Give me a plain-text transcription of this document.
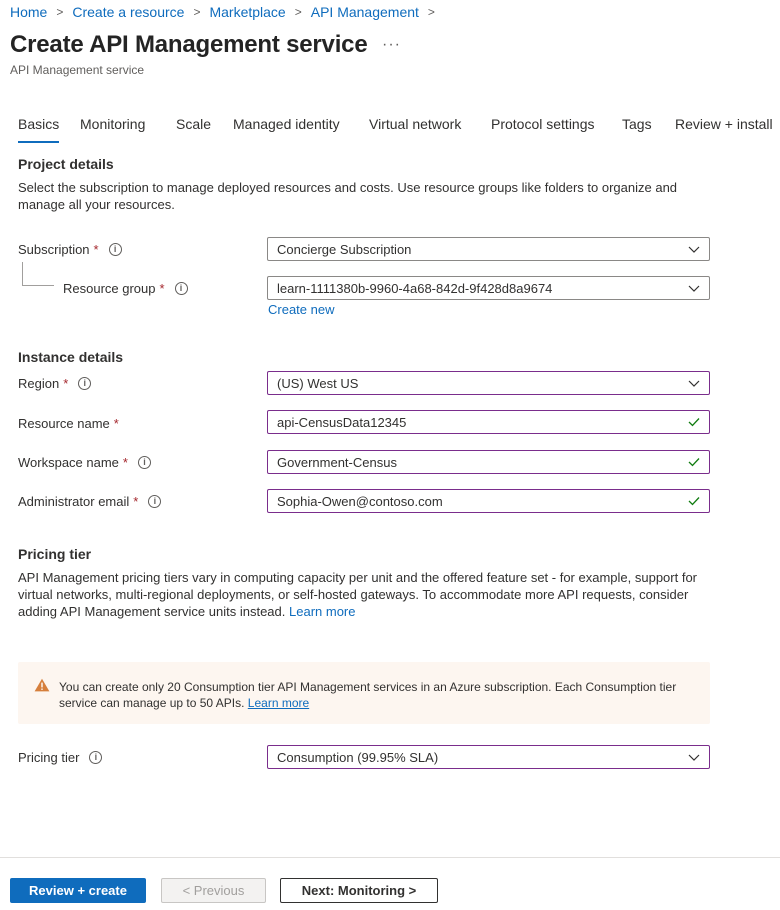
Home > Create a resource > Marketplace > API Management >
Create API Management service ···
API Management service
Basics Monitoring Scale Managed identity Virtual network Protocol settings Tags Review + install
Project details

Select the subscription to manage deployed resources and costs. Use resource groups like folders to organize and manage all your resources.

Subscription *	i	Concierge Subscription
Resource group *	i	learn-1111380b-9960-4a68-842d-9f428d8a9674
Create new
Instance details
Region *	i	(US) West US
Resource name *	api-CensusData12345
Workspace name *	i	Government-Census
Administrator email *	i	Sophia-Owen@contoso.com
Pricing tier

API Management pricing tiers vary in computing capacity per unit and the offered feature set - for example, support for virtual networks, multi-regional deployments, or self-hosted gateways. To accommodate more API requests, consider adding API Management service units instead. Learn more

You can create only 20 Consumption tier API Management services in an Azure subscription. Each Consumption tier service can manage up to 50 APIs. Learn more
Pricing tier	i	Consumption (99.95% SLA)
Review + create	< Previous	Next: Monitoring >
